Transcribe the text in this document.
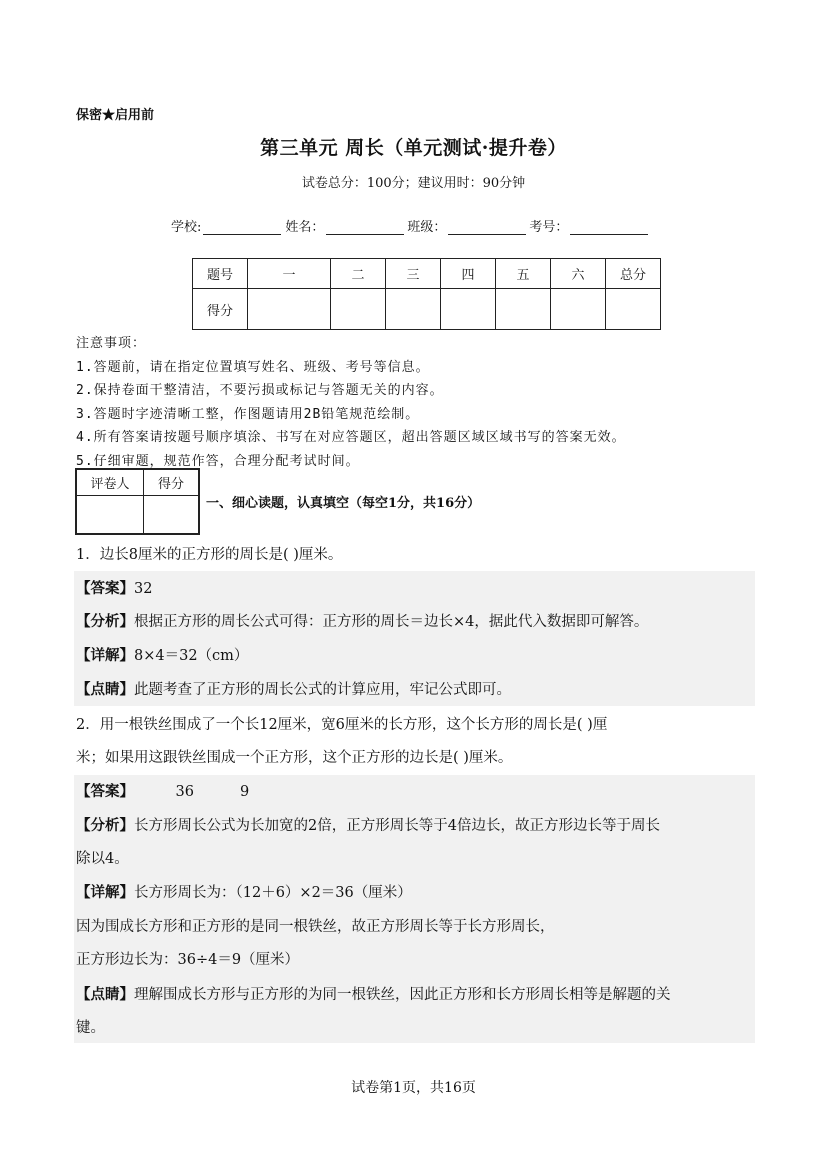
保密★启用前
第三单元 周长（单元测试·提升卷）
试卷总分：100分；建议用时：90分钟
学校:	姓名：	班级：	考号：
题号	一	二	三	四	五	六	总分
得分							
注意事项：
1.答题前，请在指定位置填写姓名、班级、考号等信息。
2.保持卷面干整清洁，不要污损或标记与答题无关的内容。
3.答题时字迹清晰工整，作图题请用2B铅笔规范绘制。
4.所有答案请按题号顺序填涂、书写在对应答题区，超出答题区域区域书写的答案无效。
5.仔细审题，规范作答，合理分配考试时间。
评卷人	得分

一、细心读题，认真填空（每空1分，共16分）
1．边长8厘米的正方形的周长是( )厘米。
【答案】32
【分析】根据正方形的周长公式可得：正方形的周长＝边长×4，据此代入数据即可解答。
【详解】8×4＝32（cm）
【点睛】此题考查了正方形的周长公式的计算应用，牢记公式即可。
2．用一根铁丝围成了一个长12厘米，宽6厘米的长方形，这个长方形的周长是( )厘
米；如果用这跟铁丝围成一个正方形，这个正方形的边长是( )厘米。
【答案】         36          9
【分析】长方形周长公式为长加宽的2倍，正方形周长等于4倍边长，故正方形边长等于周长
除以4。
【详解】长方形周长为：（12＋6）×2＝36（厘米）
因为围成长方形和正方形的是同一根铁丝，故正方形周长等于长方形周长，
正方形边长为：36÷4＝9（厘米）
【点睛】理解围成长方形与正方形的为同一根铁丝，因此正方形和长方形周长相等是解题的关
键。
试卷第1页，共16页
